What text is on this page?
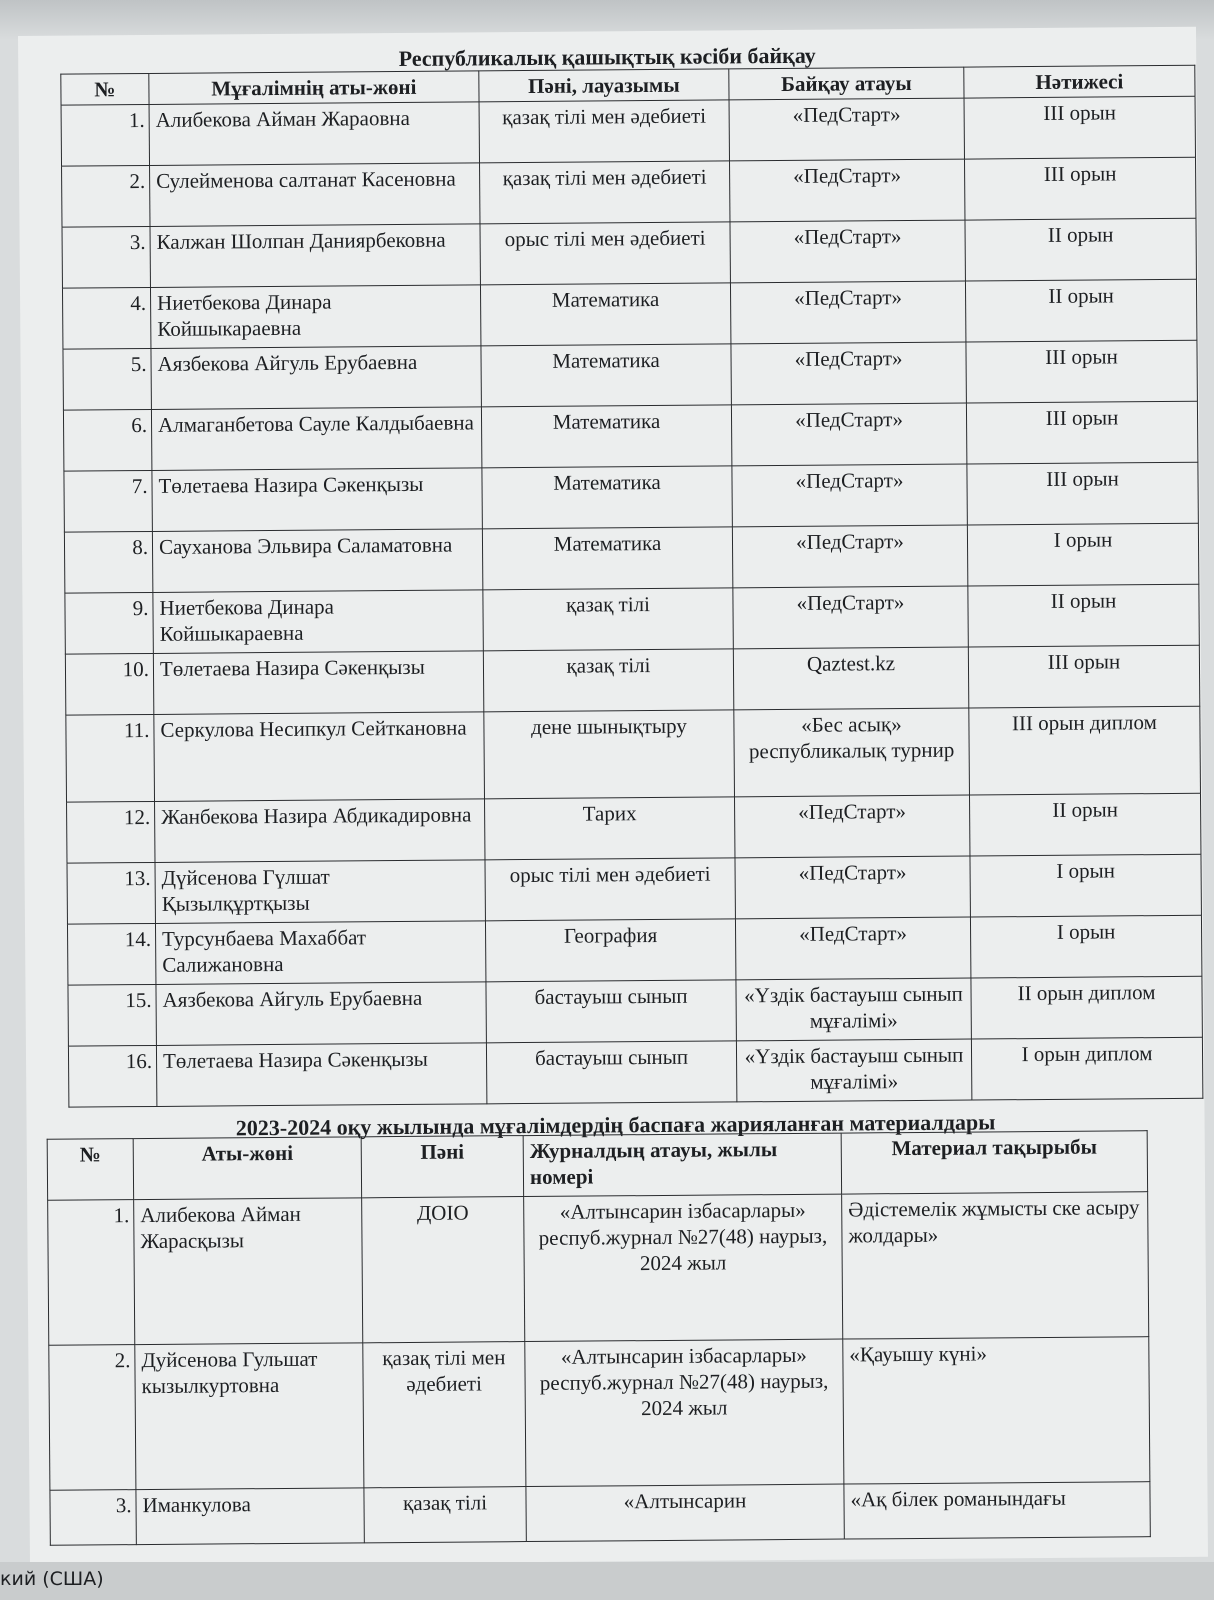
Республикалық қашықтық кәсіби байқау
№	Мұғалімнің аты-жөні	Пәні, лауазымы	Байқау атауы	Нәтижесі
1.	Алибекова Айман Жараовна	қазақ тілі мен әдебиеті	«ПедСтарт»	ІІІ орын
2.	Сулейменова салтанат Касеновна	қазақ тілі мен әдебиеті	«ПедСтарт»	ІІІ орын
3.	Калжан Шолпан Даниярбековна	орыс тілі мен әдебиеті	«ПедСтарт»	ІІ орын
4.	Ниетбекова Динара Койшыкараевна	Математика	«ПедСтарт»	ІІ орын
5.	Аязбекова Айгуль Ерубаевна	Математика	«ПедСтарт»	ІІІ орын
6.	Алмаганбетова Сауле Калдыбаевна	Математика	«ПедСтарт»	ІІІ орын
7.	Төлетаева Назира Сәкенқызы	Математика	«ПедСтарт»	ІІІ орын
8.	Сауханова Эльвира Саламатовна	Математика	«ПедСтарт»	І орын
9.	Ниетбекова Динара Койшыкараевна	қазақ тілі	«ПедСтарт»	ІІ орын
10.	Төлетаева Назира Сәкенқызы	қазақ тілі	Qaztest.kz	ІІІ орын
11.	Серкулова Несипкул Сейткановна	дене шынықтыру	«Бес асық» республикалық турнир	ІІІ орын диплом
12.	Жанбекова Назира Абдикадировна	Тарих	«ПедСтарт»	ІІ орын
13.	Дүйсенова Гүлшат Қызылқұртқызы	орыс тілі мен әдебиеті	«ПедСтарт»	І орын
14.	Турсунбаева Махаббат Салижановна	География	«ПедСтарт»	І орын
15.	Аязбекова Айгуль Ерубаевна	бастауыш сынып	«Үздік бастауыш сынып мұғалімі»	ІІ орын диплом
16.	Төлетаева Назира Сәкенқызы	бастауыш сынып	«Үздік бастауыш сынып мұғалімі»	І орын диплом
2023-2024 оқу жылында мұғалімдердің баспаға жарияланған материалдары
№	Аты-жөні	Пәні	Журналдың атауы, жылы номері	Материал тақырыбы
1.	Алибекова Айман Жарасқызы	ДОІО	«Алтынсарин ізбасарлары» респуб.журнал №27(48) наурыз, 2024 жыл	Әдістемелік жұмысты ске асыру жолдары»
2.	Дуйсенова Гульшат кызылкуртовна	қазақ тілі мен әдебиеті	«Алтынсарин ізбасарлары» респуб.журнал №27(48) наурыз, 2024 жыл	«Қауышу күні»
3.	Иманкулова	қазақ тілі	«Алтынсарин	«Ақ білек романындағы
кий (США)
